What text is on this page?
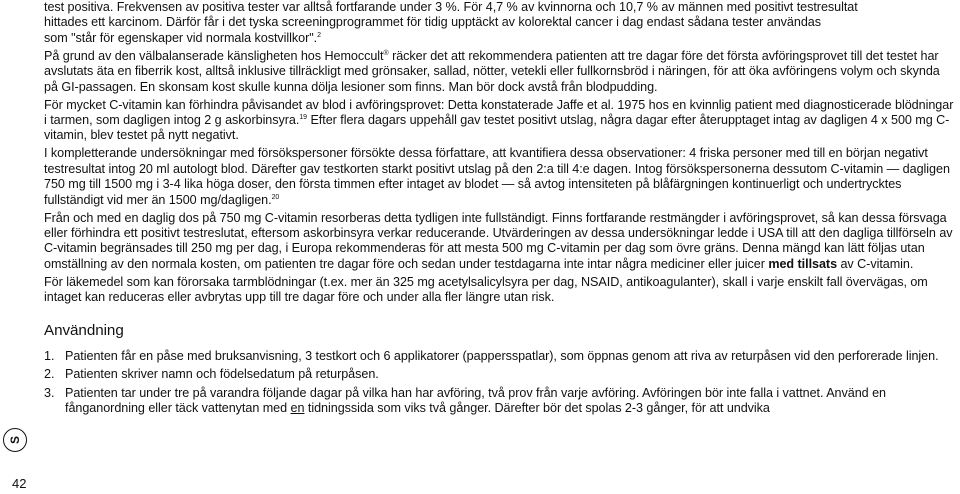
test positiva. Frekvensen av positiva tester var alltså fortfarande under 3 %. För 4,7 % av kvinnorna och 10,7 % av männen med positivt testresultat
hittades ett karcinom. Därför får i det tyska screeningprogrammet för tidig upptäckt av kolorektal cancer i dag endast sådana tester användas
som "står för egenskaper vid normala kostvillkor".$^2$

På grund av den välbalanserade känsligheten hos Hemoccult® räcker det att rekommendera patienten att tre dagar före det första avföringsprovet till det testet har avslutats äta en fiberrik kost, alltså inklusive tillräckligt med grönsaker, sallad, nötter, vetekli eller fullkornsbröd i näringen, för att öka avföringens volym och skynda på GI-passagen. En skonsam kost skulle kunna dölja lesioner som finns. Man bör dock avstå från blodpudding.

För mycket C-vitamin kan förhindra påvisandet av blod i avföringsprovet: Detta konstaterade Jaffe et al. 1975 hos en kvinnlig patient med diagnosticerade blödningar i tarmen, som dagligen intog 2 g askorbinsyra.$^{19}$ Efter flera dagars uppehåll gav testet positivt utslag, några dagar efter återupptaget intag av dagligen 4 x 500 mg C-vitamin, blev testet på nytt negativt.

I kompletterande undersökningar med försökspersoner försökte dessa författare, att kvantifiera dessa observationer: 4 friska personer med till en början negativt testresultat intog 20 ml autologt blod. Därefter gav testkorten starkt positivt utslag på den 2:a till 4:e dagen. Intog försökspersonerna dessutom C-vitamin — dagligen 750 mg till 1500 mg i 3-4 lika höga doser, den första timmen efter intaget av blodet — så avtog intensiteten på blåfärgningen kontinuerligt och undertrycktes fullständigt vid mer än 1500 mg/dagligen.$^{20}$

Från och med en daglig dos på 750 mg C-vitamin resorberas detta tydligen inte fullständigt. Finns fortfarande restmängder i avföringsprovet, så kan dessa försvaga eller förhindra ett positivt testreslutat, eftersom askorbinsyra verkar reducerande. Utvärderingen av dessa undersökningar ledde i USA till att den dagliga tillförseln av C-vitamin begränsades till 250 mg per dag, i Europa rekommenderas för att mesta 500 mg C-vitamin per dag som övre gräns. Denna mängd kan lätt följas utan omställning av den normala kosten, om patienten tre dagar före och sedan under testdagarna inte intar några mediciner eller juicer med tillsats av C-vitamin.

För läkemedel som kan förorsaka tarmblödningar (t.ex. mer än 325 mg acetylsalicylsyra per dag, NSAID, antikoagulanter), skall i varje enskilt fall övervägas, om intaget kan reduceras eller avbrytas upp till tre dagar före och under alla fler längre utan risk.

Användning
1. Patienten får en påse med bruksanvisning, 3 testkort och 6 applikatorer (pappersspatlar), som öppnas genom att riva av returpåsen vid den perforerade linjen.
2. Patienten skriver namn och födelsedatum på returpåsen.
3. Patienten tar under tre på varandra följande dagar på vilka han har avföring, två prov från varje avföring. Avföringen bör inte falla i vattnet. Använd en fånganordning eller täck vattenytan med en tidningssida som viks två gånger. Därefter bör det spolas 2-3 gånger, för att undvika
S
42
